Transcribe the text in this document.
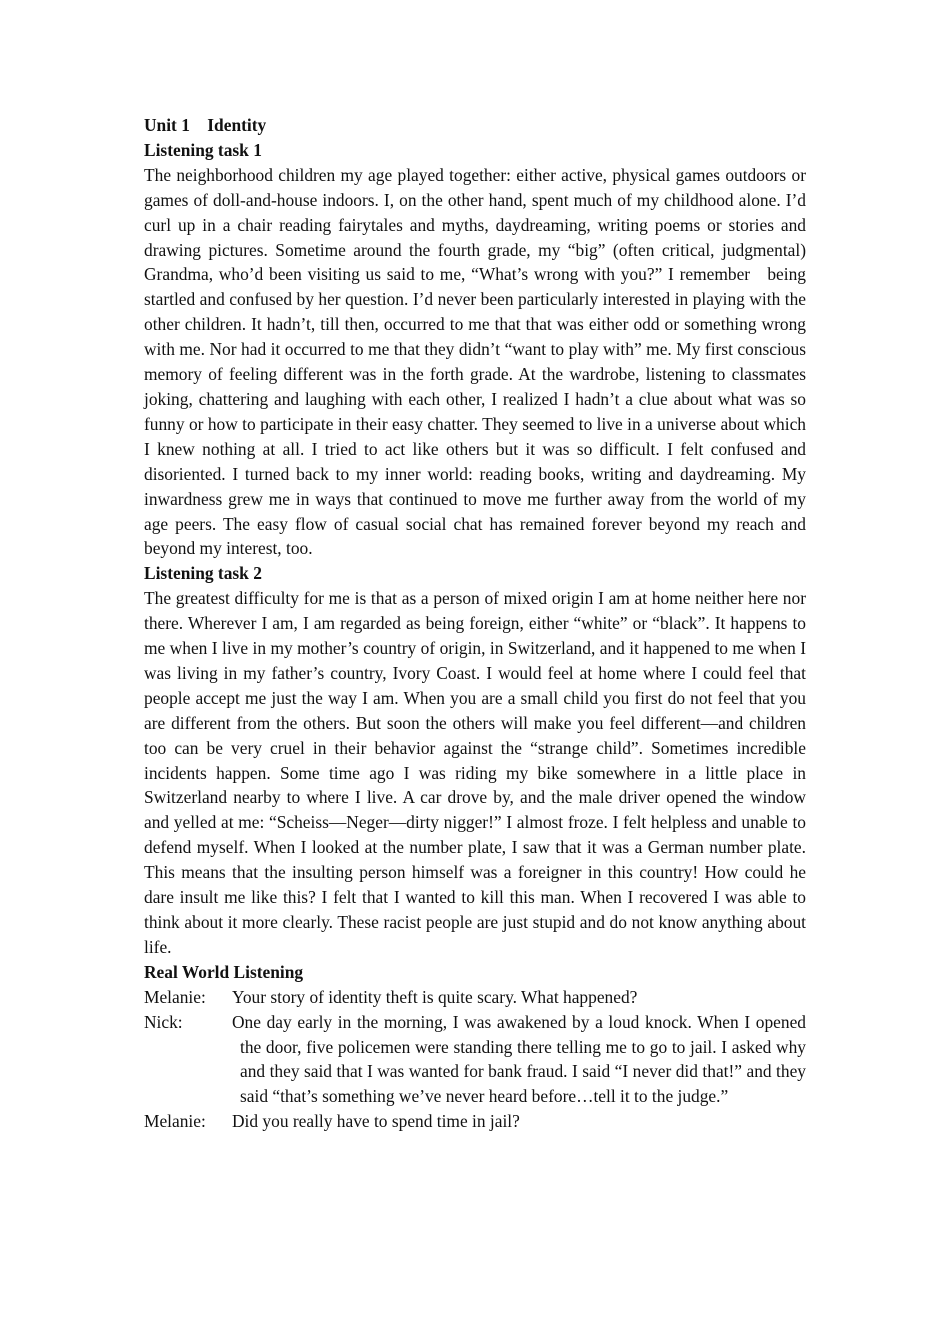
Unit 1    Identity

Listening task 1

The neighborhood children my age played together: either active, physical games outdoors or games of doll-and-house indoors. I, on the other hand, spent much of my childhood alone. I’d curl up in a chair reading fairytales and myths, daydreaming, writing poems or stories and drawing pictures. Sometime around the fourth grade, my “big” (often critical, judgmental) Grandma, who’d been visiting us said to me, “What’s wrong with you?” I remember   being startled and confused by her question. I’d never been particularly interested in playing with the other children. It hadn’t, till then, occurred to me that that was either odd or something wrong with me. Nor had it occurred to me that they didn’t “want to play with” me. My first conscious memory of feeling different was in the forth grade. At the wardrobe, listening to classmates joking, chattering and laughing with each other, I realized I hadn’t a clue about what was so funny or how to participate in their easy chatter. They seemed to live in a universe about which I knew nothing at all. I tried to act like others but it was so difficult. I felt confused and disoriented. I turned back to my inner world: reading books, writing and daydreaming. My inwardness grew me in ways that continued to move me further away from the world of my age peers. The easy flow of casual social chat has remained forever beyond my reach and beyond my interest, too.

Listening task 2

The greatest difficulty for me is that as a person of mixed origin I am at home neither here nor there. Wherever I am, I am regarded as being foreign, either “white” or “black”. It happens to me when I live in my mother’s country of origin, in Switzerland, and it happened to me when I was living in my father’s country, Ivory Coast. I would feel at home where I could feel that people accept me just the way I am. When you are a small child you first do not feel that you are different from the others. But soon the others will make you feel different—and children too can be very cruel in their behavior against the “strange child”. Sometimes incredible incidents happen. Some time ago I was riding my bike somewhere in a little place in Switzerland nearby to where I live. A car drove by, and the male driver opened the window and yelled at me: “Scheiss—Neger—dirty nigger!” I almost froze. I felt helpless and unable to defend myself. When I looked at the number plate, I saw that it was a German number plate. This means that the insulting person himself was a foreigner in this country! How could he dare insult me like this? I felt that I wanted to kill this man. When I recovered I was able to think about it more clearly. These racist people are just stupid and do not know anything about life.

Real World Listening

Melanie:	Your story of identity theft is quite scary. What happened?
Nick:	One day early in the morning, I was awakened by a loud knock. When I opened the door, five policemen were standing there telling me to go to jail. I asked why and they said that I was wanted for bank fraud. I said “I never did that!” and they said “that’s something we’ve never heard before…tell it to the judge.”
Melanie:	Did you really have to spend time in jail?
